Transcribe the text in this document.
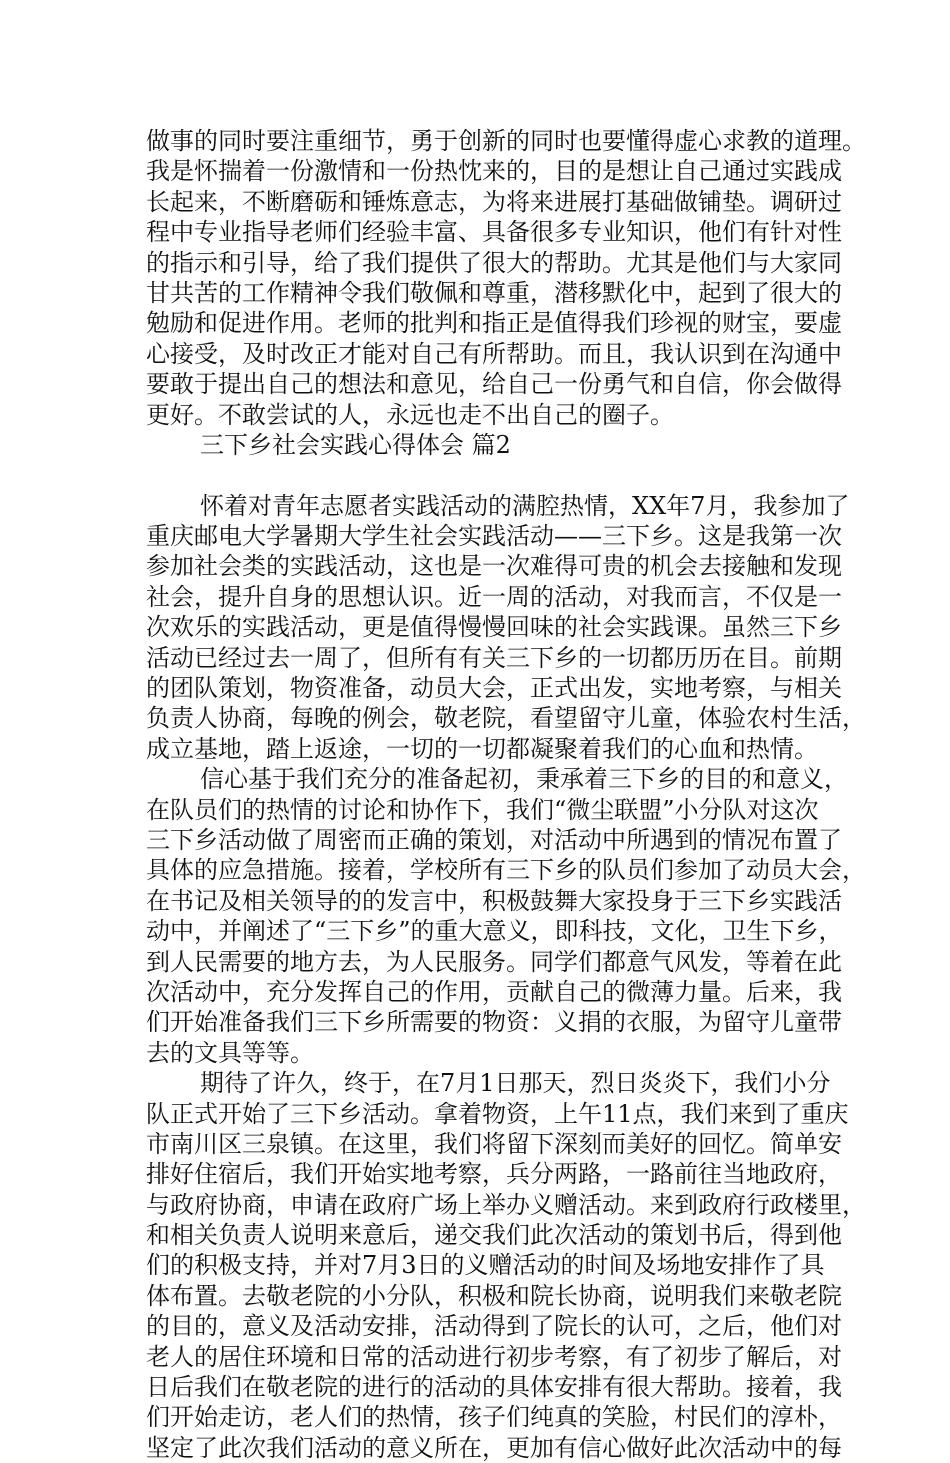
做事的同时要注重细节，勇于创新的同时也要懂得虚心求教的道理。
我是怀揣着一份激情和一份热忱来的，目的是想让自己通过实践成
长起来，不断磨砺和锤炼意志，为将来进展打基础做铺垫。调研过
程中专业指导老师们经验丰富、具备很多专业知识，他们有针对性
的指示和引导，给了我们提供了很大的帮助。尤其是他们与大家同
甘共苦的工作精神令我们敬佩和尊重，潜移默化中，起到了很大的
勉励和促进作用。老师的批判和指正是值得我们珍视的财宝，要虚
心接受，及时改正才能对自己有所帮助。而且，我认识到在沟通中
要敢于提出自己的想法和意见，给自己一份勇气和自信，你会做得
更好。不敢尝试的人，永远也走不出自己的圈子。
三下乡社会实践心得体会 篇2
怀着对青年志愿者实践活动的满腔热情，XX年7月，我参加了
重庆邮电大学暑期大学生社会实践活动——三下乡。这是我第一次
参加社会类的实践活动，这也是一次难得可贵的机会去接触和发现
社会，提升自身的思想认识。近一周的活动，对我而言，不仅是一
次欢乐的实践活动，更是值得慢慢回味的社会实践课。虽然三下乡
活动已经过去一周了，但所有有关三下乡的一切都历历在目。前期
的团队策划，物资准备，动员大会，正式出发，实地考察，与相关
负责人协商，每晚的例会，敬老院，看望留守儿童，体验农村生活，
成立基地，踏上返途，一切的一切都凝聚着我们的心血和热情。
信心基于我们充分的准备起初，秉承着三下乡的目的和意义，
在队员们的热情的讨论和协作下，我们“微尘联盟”小分队对这次
三下乡活动做了周密而正确的策划，对活动中所遇到的情况布置了
具体的应急措施。接着，学校所有三下乡的队员们参加了动员大会，
在书记及相关领导的的发言中，积极鼓舞大家投身于三下乡实践活
动中，并阐述了“三下乡”的重大意义，即科技，文化，卫生下乡，
到人民需要的地方去，为人民服务。同学们都意气风发，等着在此
次活动中，充分发挥自己的作用，贡献自己的微薄力量。后来，我
们开始准备我们三下乡所需要的物资：义捐的衣服，为留守儿童带
去的文具等等。
期待了许久，终于，在7月1日那天，烈日炎炎下，我们小分
队正式开始了三下乡活动。拿着物资，上午11点，我们来到了重庆
市南川区三泉镇。在这里，我们将留下深刻而美好的回忆。简单安
排好住宿后，我们开始实地考察，兵分两路，一路前往当地政府，
与政府协商，申请在政府广场上举办义赠活动。来到政府行政楼里，
和相关负责人说明来意后，递交我们此次活动的策划书后，得到他
们的积极支持，并对7月3日的义赠活动的时间及场地安排作了具
体布置。去敬老院的小分队，积极和院长协商，说明我们来敬老院
的目的，意义及活动安排，活动得到了院长的认可，之后，他们对
老人的居住环境和日常的活动进行初步考察，有了初步了解后，对
日后我们在敬老院的进行的活动的具体安排有很大帮助。接着，我
们开始走访，老人们的热情，孩子们纯真的笑脸，村民们的淳朴，
坚定了此次我们活动的意义所在，更加有信心做好此次活动中的每
